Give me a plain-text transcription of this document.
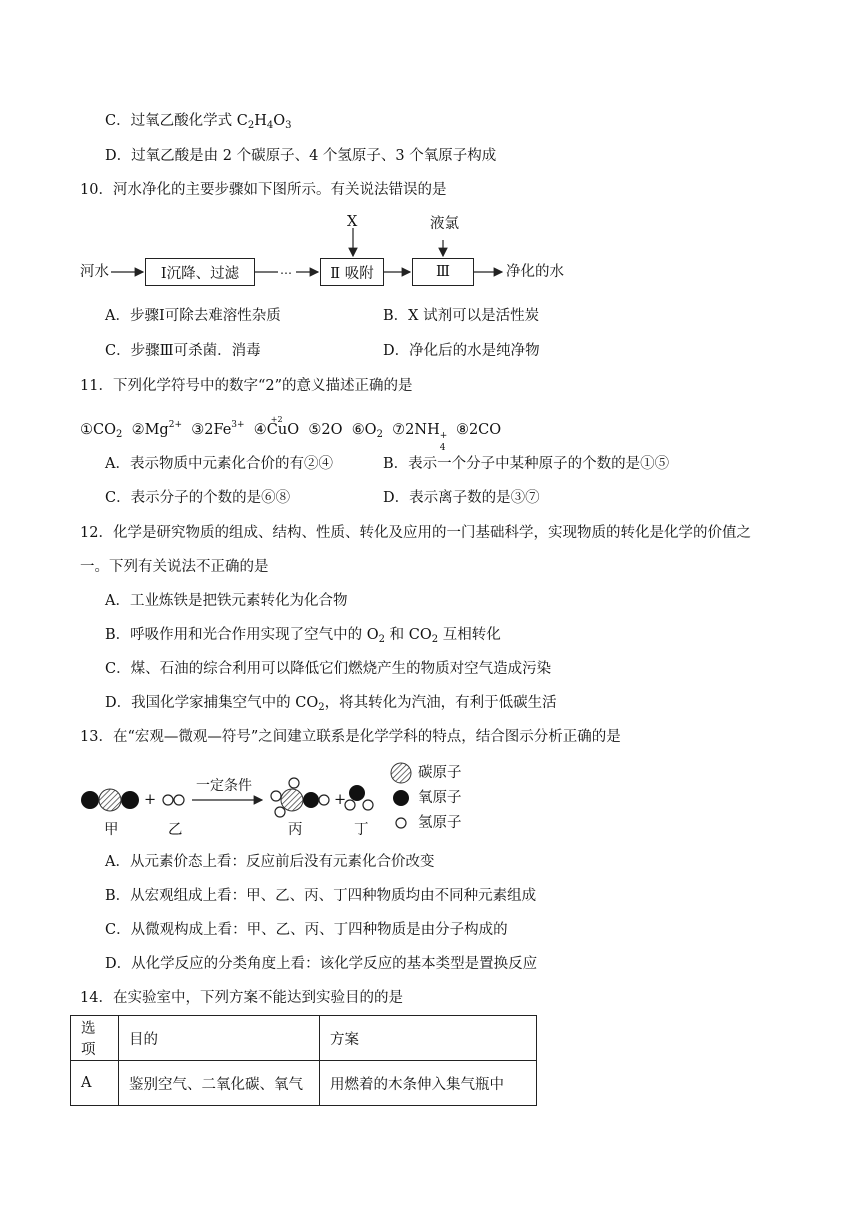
C．过氧乙酸化学式 $C_2H_4O_3$
D．过氧乙酸是由 2 个碳原子、4 个氢原子、3 个氧原子构成
10．河水净化的主要步骤如下图所示。有关说法错误的是
河水	Ⅰ沉降、过滤	…	Ⅱ 吸附
X
Ⅲ
液氯
净化的水
A．步骤Ⅰ可除去难溶性杂质	B．X 试剂可以是活性炭
C．步骤Ⅲ可杀菌．消毒	D．净化后的水是纯净物
11．下列化学符号中的数字“2”的意义描述正确的是
$①CO_2$ $②Mg^{2+}$ $③2Fe^{3+}$ ④
+2
CuO ⑤2O $⑥O_2$ ⑦2NH +
4
⑧2CO
A．表示物质中元素化合价的有②④	B．表示一个分子中某种原子的个数的是①⑤
C．表示分子的个数的是⑥⑧	D．表示离子数的是③⑦
12．化学是研究物质的组成、结构、性质、转化及应用的一门基础科学，实现物质的转化是化学的价值之
一。下列有关说法不正确的是
A．工业炼铁是把铁元素转化为化合物
B．呼吸作用和光合作用实现了空气中的 $O_2$ 和 $CO_2$ 互相转化
C．煤、石油的综合利用可以降低它们燃烧产生的物质对空气造成污染
D．我国化学家捕集空气中的 $CO_2$，将其转化为汽油，有利于低碳生活
13．在“宏观—微观—符号”之间建立联系是化学学科的特点，结合图示分析正确的是
+
一定条件
+
甲	乙	丙	丁
碳原子
氧原子
氢原子
A．从元素价态上看：反应前后没有元素化合价改变
B．从宏观组成上看：甲、乙、丙、丁四种物质均由不同种元素组成
C．从微观构成上看：甲、乙、丙、丁四种物质是由分子构成的
D．从化学反应的分类角度上看：该化学反应的基本类型是置换反应
14．在实验室中，下列方案不能达到实验目的的是
选项	目的	方案
A	鉴别空气、二氧化碳、氧气	用燃着的木条伸入集气瓶中
